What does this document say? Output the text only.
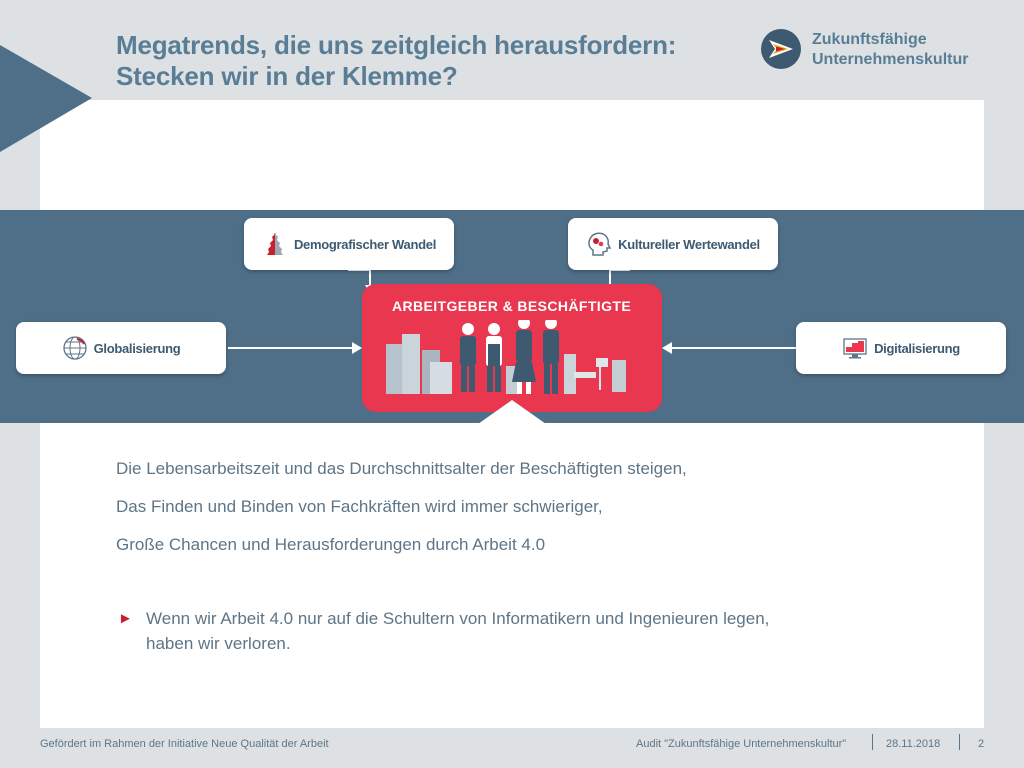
Megatrends, die uns zeitgleich herausfordern:
Stecken wir in der Klemme?
Zukunftsfähige
Unternehmenskultur
Demografischer Wandel	Kultureller Wertewandel
Globalisierung	Digitalisierung
ARBEITGEBER & BESCHÄFTIGTE

Die Lebensarbeitszeit und das Durchschnittsalter der Beschäftigten steigen,

Das Finden und Binden von Fachkräften wird immer schwieriger,

Große Chancen und Herausforderungen durch Arbeit 4.0

► Wenn wir Arbeit 4.0 nur auf die Schultern von Informatikern und Ingenieuren legen,
haben wir verloren.
Gefördert im Rahmen der Initiative Neue Qualität der Arbeit	Audit "Zukunftsfähige Unternehmenskultur"	28.11.2018	2
